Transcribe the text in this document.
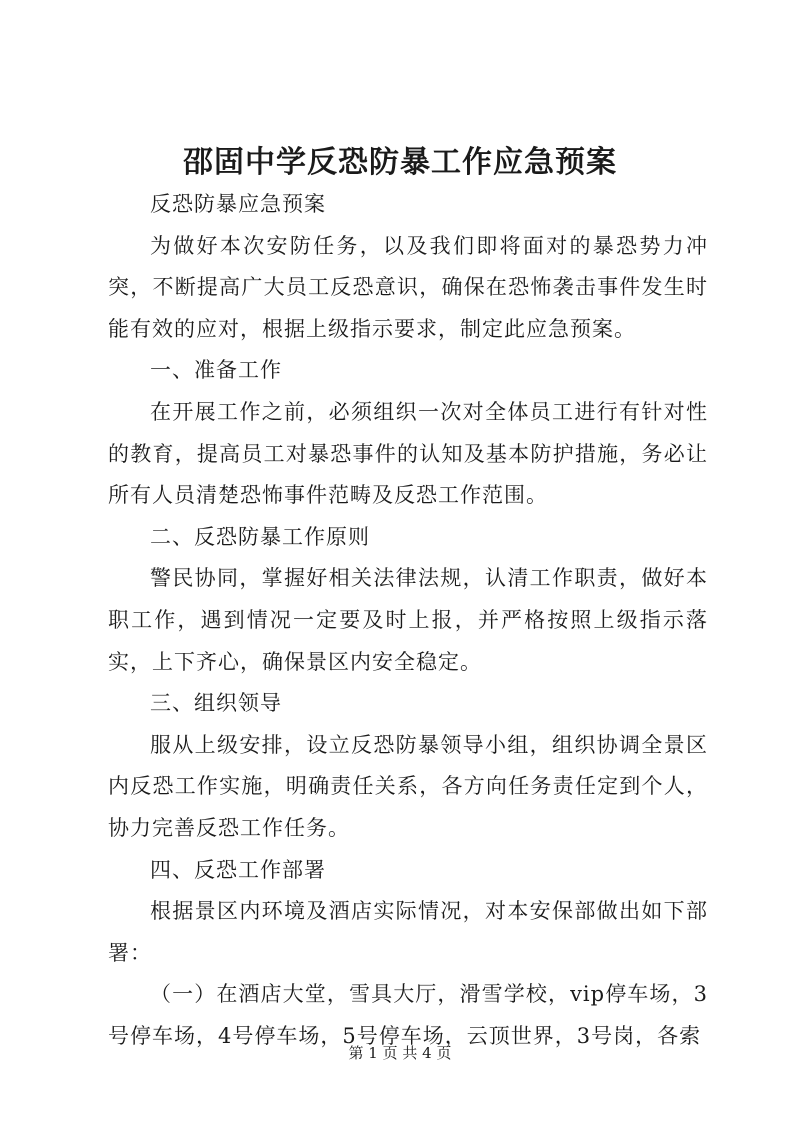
邵固中学反恐防暴工作应急预案

反恐防暴应急预案

为做好本次安防任务，以及我们即将面对的暴恐势力冲突，不断提高广大员工反恐意识，确保在恐怖袭击事件发生时能有效的应对，根据上级指示要求，制定此应急预案。

一、准备工作

在开展工作之前，必须组织一次对全体员工进行有针对性的教育，提高员工对暴恐事件的认知及基本防护措施，务必让所有人员清楚恐怖事件范畴及反恐工作范围。

二、反恐防暴工作原则

警民协同，掌握好相关法律法规，认清工作职责，做好本职工作，遇到情况一定要及时上报，并严格按照上级指示落实，上下齐心，确保景区内安全稳定。

三、组织领导

服从上级安排，设立反恐防暴领导小组，组织协调全景区内反恐工作实施，明确责任关系，各方向任务责任定到个人，协力完善反恐工作任务。

四、反恐工作部署

根据景区内环境及酒店实际情况，对本安保部做出如下部署：

（一）在酒店大堂，雪具大厅，滑雪学校，vip停车场，3号停车场，4号停车场，5号停车场，云顶世界，3号岗，各索

第 1 页 共 4 页
